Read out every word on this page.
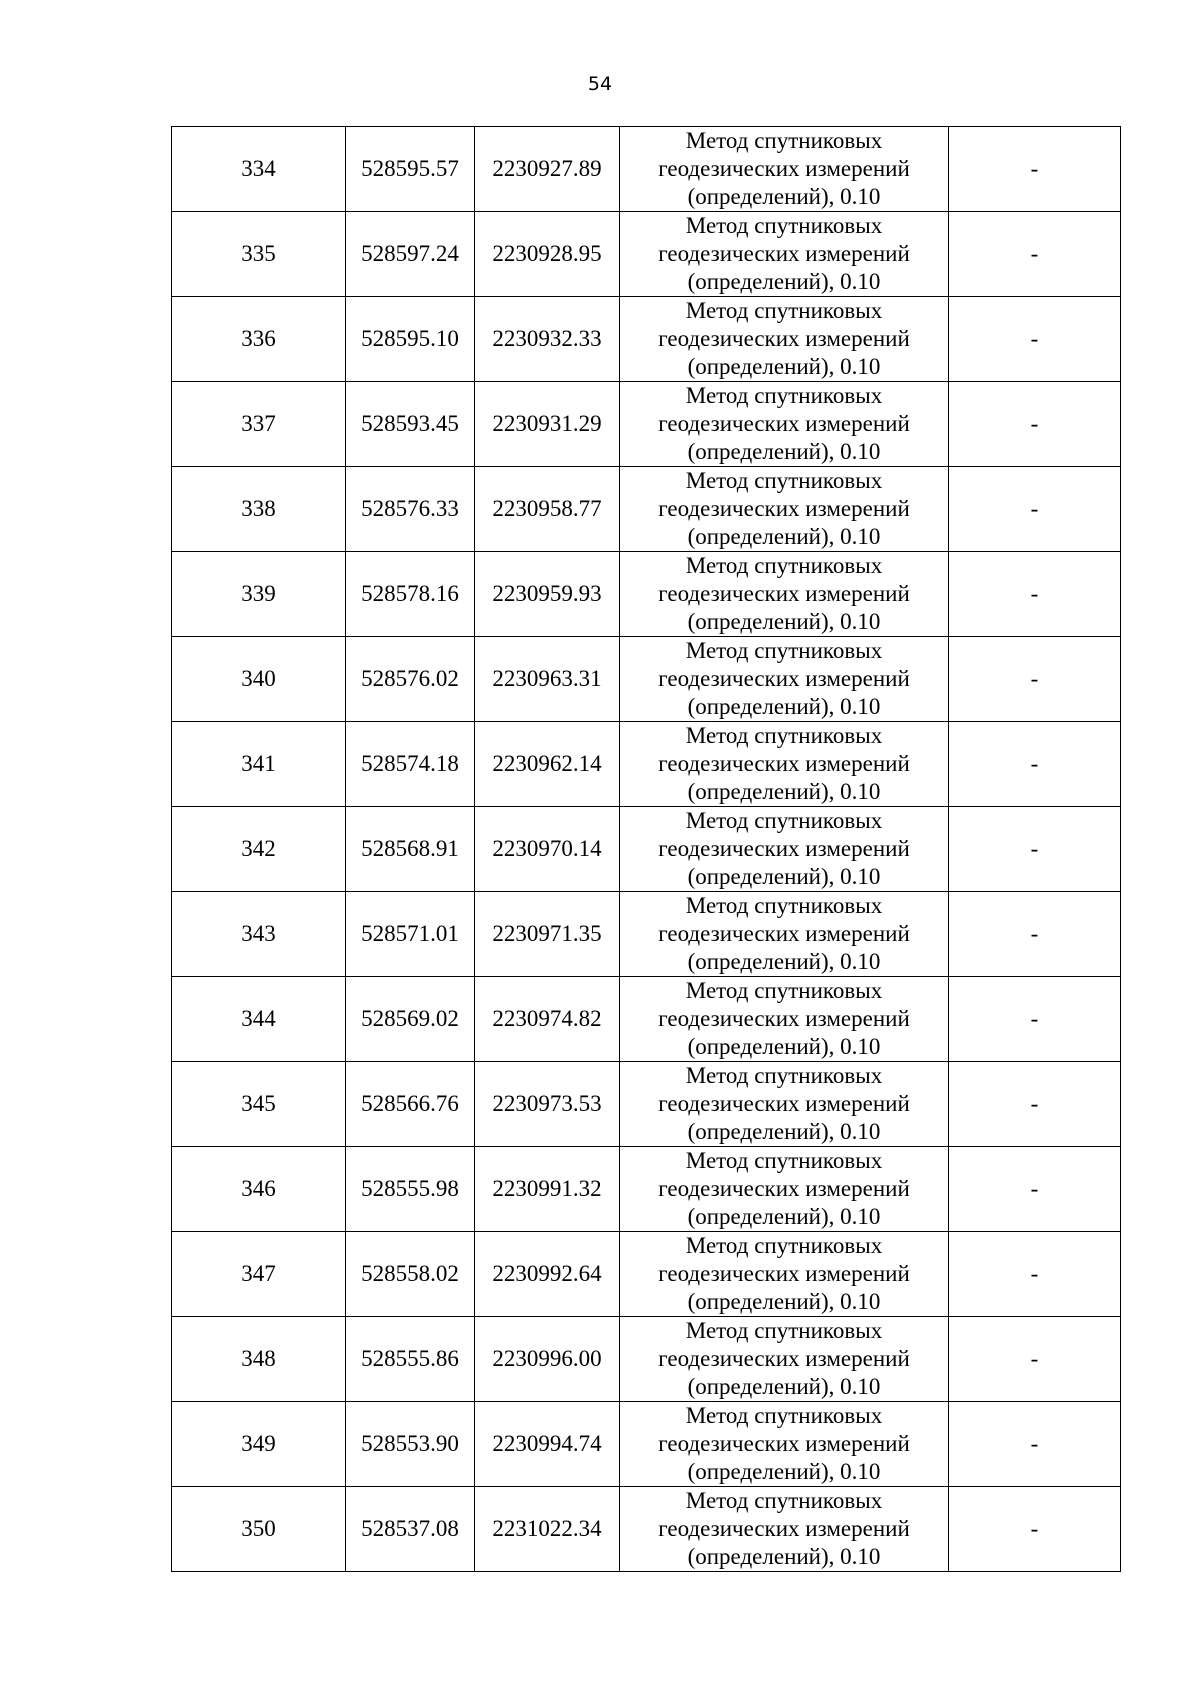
54
334	528595.57	2230927.89	Метод спутниковых
геодезических измерений
(определений), 0.10	-
335	528597.24	2230928.95	Метод спутниковых
геодезических измерений
(определений), 0.10	-
336	528595.10	2230932.33	Метод спутниковых
геодезических измерений
(определений), 0.10	-
337	528593.45	2230931.29	Метод спутниковых
геодезических измерений
(определений), 0.10	-
338	528576.33	2230958.77	Метод спутниковых
геодезических измерений
(определений), 0.10	-
339	528578.16	2230959.93	Метод спутниковых
геодезических измерений
(определений), 0.10	-
340	528576.02	2230963.31	Метод спутниковых
геодезических измерений
(определений), 0.10	-
341	528574.18	2230962.14	Метод спутниковых
геодезических измерений
(определений), 0.10	-
342	528568.91	2230970.14	Метод спутниковых
геодезических измерений
(определений), 0.10	-
343	528571.01	2230971.35	Метод спутниковых
геодезических измерений
(определений), 0.10	-
344	528569.02	2230974.82	Метод спутниковых
геодезических измерений
(определений), 0.10	-
345	528566.76	2230973.53	Метод спутниковых
геодезических измерений
(определений), 0.10	-
346	528555.98	2230991.32	Метод спутниковых
геодезических измерений
(определений), 0.10	-
347	528558.02	2230992.64	Метод спутниковых
геодезических измерений
(определений), 0.10	-
348	528555.86	2230996.00	Метод спутниковых
геодезических измерений
(определений), 0.10	-
349	528553.90	2230994.74	Метод спутниковых
геодезических измерений
(определений), 0.10	-
350	528537.08	2231022.34	Метод спутниковых
геодезических измерений
(определений), 0.10	-
